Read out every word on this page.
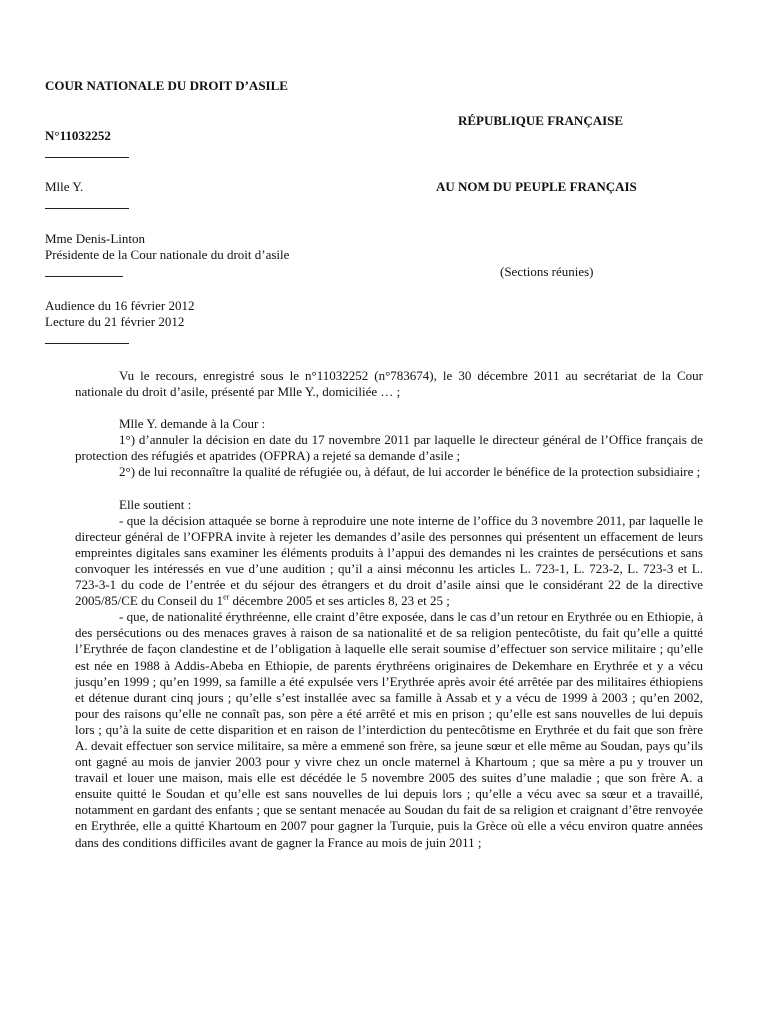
COUR NATIONALE DU DROIT D’ASILE
RÉPUBLIQUE FRANÇAISE
N°11032252
Mlle Y.	AU NOM DU PEUPLE FRANÇAIS
Mme Denis-Linton
Présidente de la Cour nationale du droit d’asile
(Sections réunies)
Audience du 16 février 2012
Lecture du 21 février 2012

Vu le recours, enregistré sous le n°11032252 (n°783674), le 30 décembre 2011 au secrétariat de la Cour nationale du droit d’asile, présenté par Mlle Y., domiciliée … ;

Mlle Y. demande à la Cour :

1°) d’annuler la décision en date du 17 novembre 2011 par laquelle le directeur général de l’Office français de protection des réfugiés et apatrides (OFPRA) a rejeté sa demande d’asile ;

2°) de lui reconnaître la qualité de réfugiée ou, à défaut, de lui accorder le bénéfice de la protection subsidiaire ;

Elle soutient :

- que la décision attaquée se borne à reproduire une note interne de l’office du 3 novembre 2011, par laquelle le directeur général de l’OFPRA invite à rejeter les demandes d’asile des personnes qui présentent un effacement de leurs empreintes digitales sans examiner les éléments produits à l’appui des demandes ni les craintes de persécutions et sans convoquer les intéressés en vue d’une audition ; qu’il a ainsi méconnu les articles L. 723-1, L. 723-2, L. 723-3 et L. 723-3-1 du code de l’entrée et du séjour des étrangers et du droit d’asile ainsi que le considérant 22 de la directive 2005/85/CE du Conseil du 1er décembre 2005 et ses articles 8, 23 et 25 ;

- que, de nationalité érythréenne, elle craint d’être exposée, dans le cas d’un retour en Erythrée ou en Ethiopie, à des persécutions ou des menaces graves à raison de sa nationalité et de sa religion pentecôtiste, du fait qu’elle a quitté l’Erythrée de façon clandestine et de l’obligation à laquelle elle serait soumise d’effectuer son service militaire ; qu’elle est née en 1988 à Addis-Abeba en Ethiopie, de parents érythréens originaires de Dekemhare en Erythrée et y a vécu jusqu’en 1999 ; qu’en 1999, sa famille a été expulsée vers l’Erythrée après avoir été arrêtée par des militaires éthiopiens et détenue durant cinq jours ; qu’elle s’est installée avec sa famille à Assab et y a vécu de 1999 à 2003 ; qu’en 2002, pour des raisons qu’elle ne connaît pas, son père a été arrêté et mis en prison ; qu’elle est sans nouvelles de lui depuis lors ; qu’à la suite de cette disparition et en raison de l’interdiction du pentecôtisme en Erythrée et du fait que son frère A. devait effectuer son service militaire, sa mère a emmené son frère, sa jeune sœur et elle même au Soudan, pays qu’ils ont gagné au mois de janvier 2003 pour y vivre chez un oncle maternel à Khartoum ; que sa mère a pu y trouver un travail et louer une maison, mais elle est décédée le 5 novembre 2005 des suites d’une maladie ; que son frère A. a ensuite quitté le Soudan et qu’elle est sans nouvelles de lui depuis lors ; qu’elle a vécu avec sa sœur et a travaillé, notamment en gardant des enfants ; que se sentant menacée au Soudan du fait de sa religion et craignant d’être renvoyée en Erythrée, elle a quitté Khartoum en 2007 pour gagner la Turquie, puis la Grèce où elle a vécu environ quatre années dans des conditions difficiles avant de gagner la France au mois de juin 2011 ;
